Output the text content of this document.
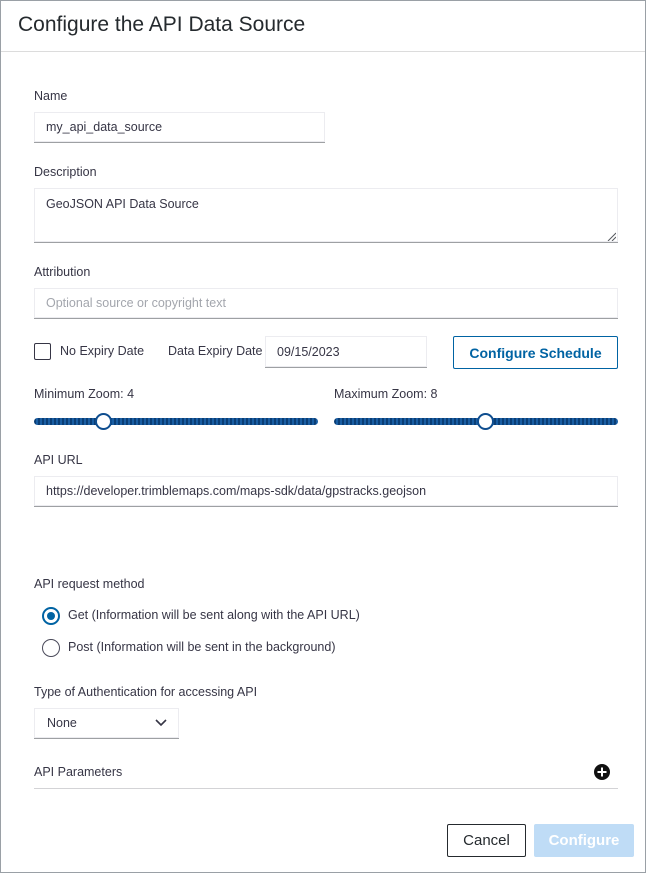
Configure the API Data Source
Name
my_api_data_source
Description
GeoJSON API Data Source
Attribution
Optional source or copyright text
No Expiry Date Data Expiry Date
09/15/2023	Configure Schedule
Minimum Zoom: 4	Maximum Zoom: 8
API URL
https://developer.trimblemaps.com/maps-sdk/data/gpstracks.geojson
API request method
Get (Information will be sent along with the API URL)
Post (Information will be sent in the background)
Type of Authentication for accessing API
None
API Parameters
Cancel	Configure
